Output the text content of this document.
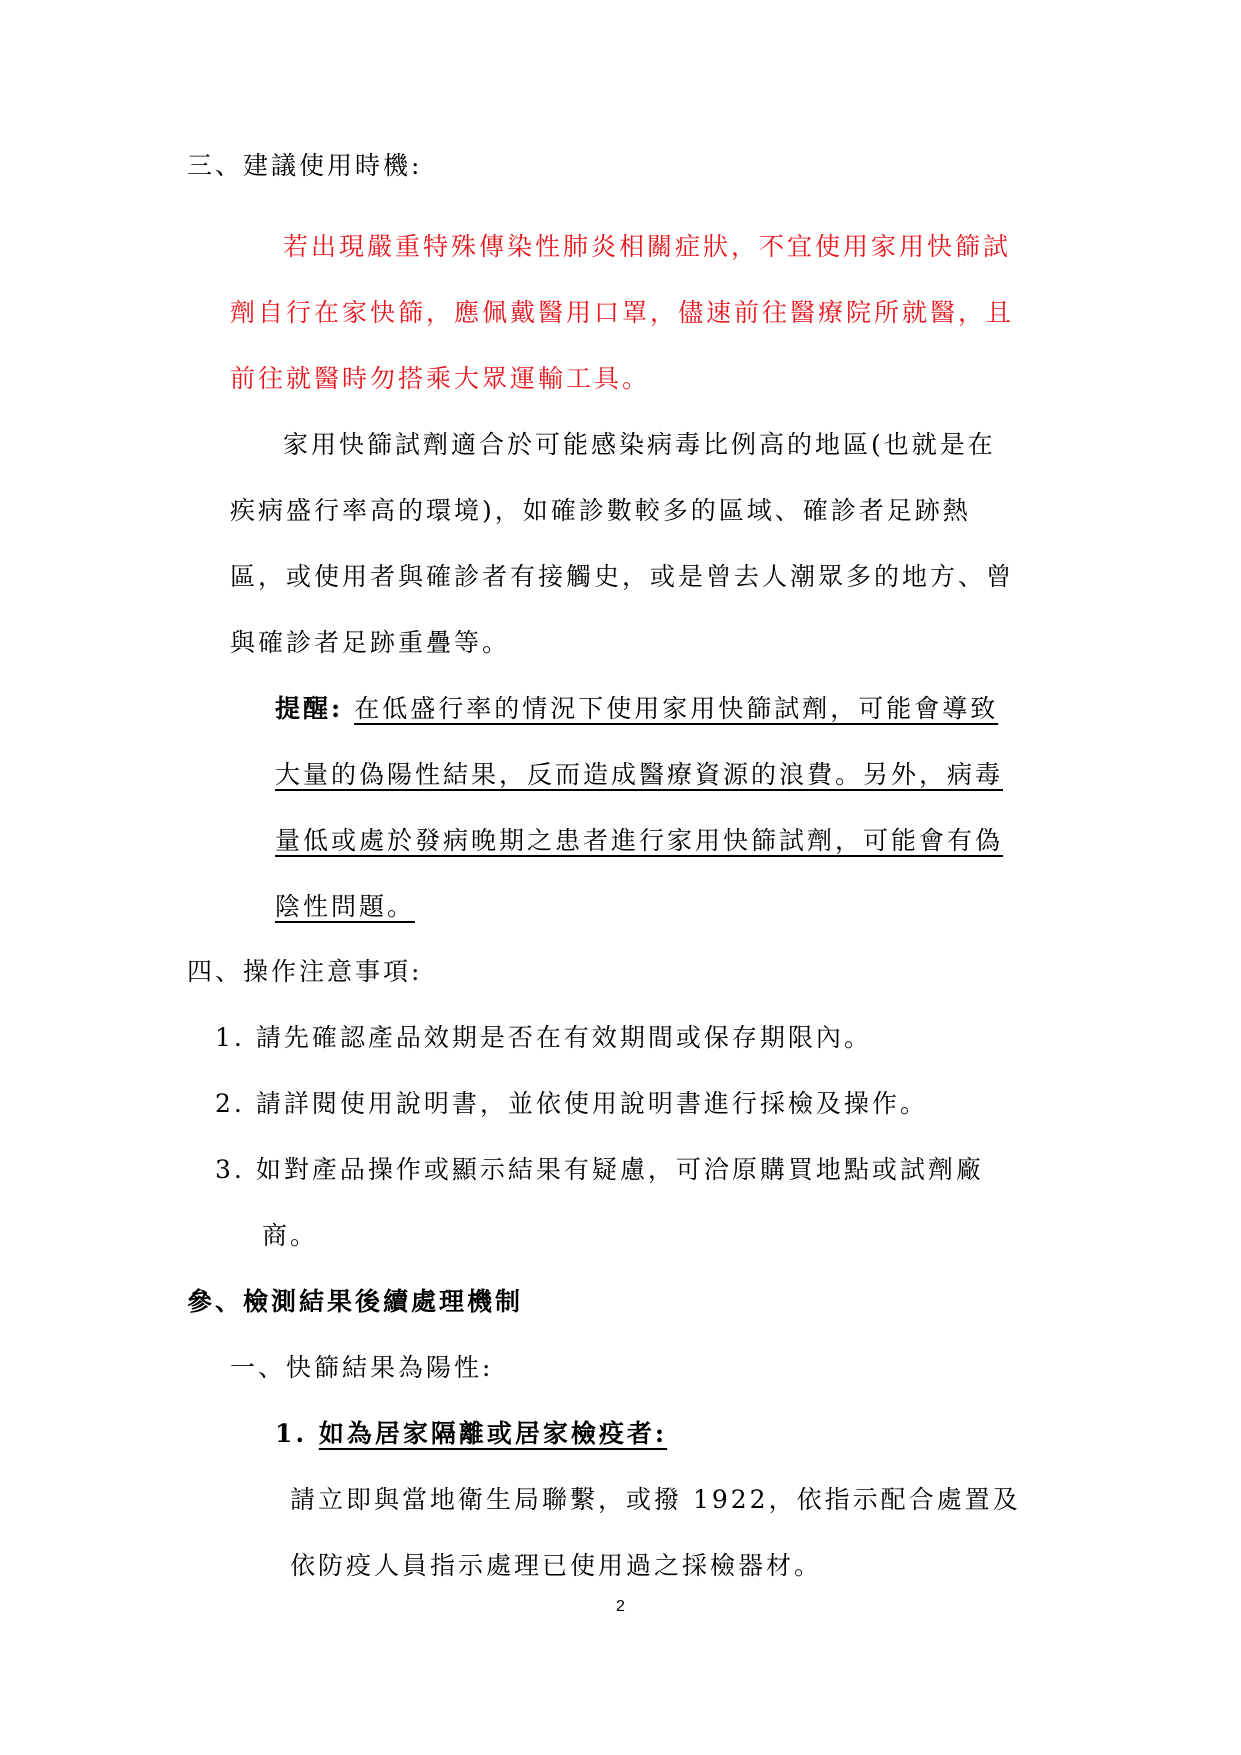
三、建議使用時機:
若出現嚴重特殊傳染性肺炎相關症狀，不宜使用家用快篩試
劑自行在家快篩，應佩戴醫用口罩，儘速前往醫療院所就醫，且
前往就醫時勿搭乘大眾運輸工具。
家用快篩試劑適合於可能感染病毒比例高的地區(也就是在
疾病盛行率高的環境)，如確診數較多的區域、確診者足跡熱
區，或使用者與確診者有接觸史，或是曾去人潮眾多的地方、曾
與確診者足跡重疊等。
提醒: 在低盛行率的情況下使用家用快篩試劑，可能會導致
大量的偽陽性結果，反而造成醫療資源的浪費。另外，病毒
量低或處於發病晚期之患者進行家用快篩試劑，可能會有偽
陰性問題。
四、操作注意事項:
1. 請先確認產品效期是否在有效期間或保存期限內。
2. 請詳閱使用說明書，並依使用說明書進行採檢及操作。
3. 如對產品操作或顯示結果有疑慮，可洽原購買地點或試劑廠
商。
參、檢測結果後續處理機制
一、快篩結果為陽性:
1. 如為居家隔離或居家檢疫者:
請立即與當地衛生局聯繫，或撥 1922，依指示配合處置及
依防疫人員指示處理已使用過之採檢器材。
2
